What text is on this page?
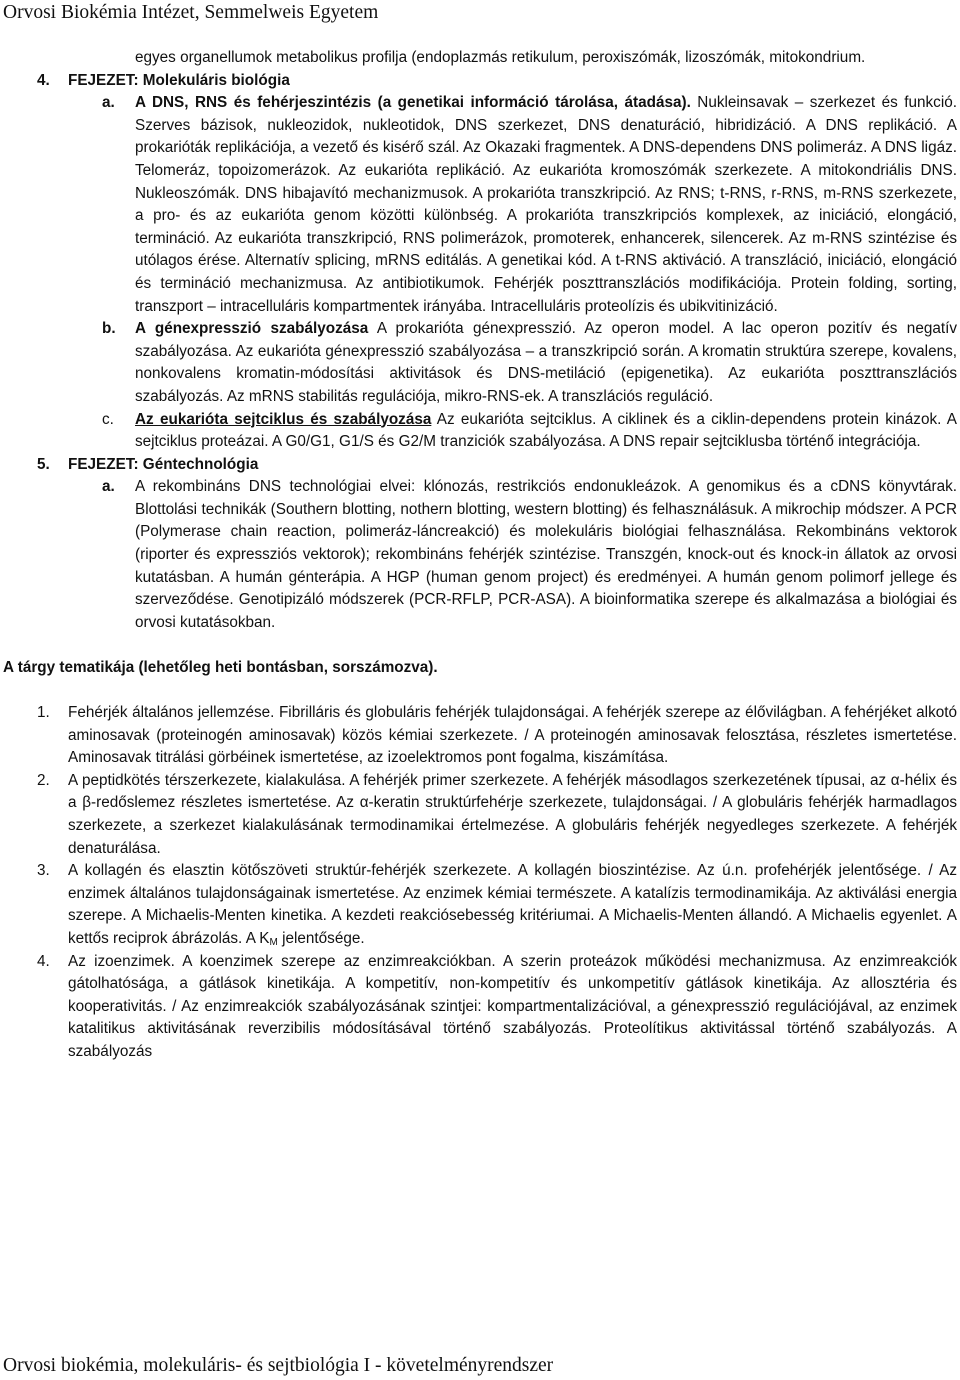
Orvosi Biokémia Intézet, Semmelweis Egyetem
egyes organellumok metabolikus profilja (endoplazmás retikulum, peroxiszómák, lizoszómák, mitokondrium.
4.	FEJEZET: Molekuláris biológia
a.	A DNS, RNS és fehérjeszintézis (a genetikai információ tárolása, átadása). Nukleinsavak – szerkezet és funkció. Szerves bázisok, nukleozidok, nukleotidok, DNS szerkezet, DNS denaturáció, hibridizáció. A DNS replikáció. A prokarióták replikációja, a vezető és kisérő szál. Az Okazaki fragmentek. A DNS-dependens DNS polimeráz. A DNS ligáz. Telomeráz, topoizomerázok. Az eukarióta replikáció. Az eukarióta kromoszómák szerkezete. A mitokondriális DNS. Nukleoszómák. DNS hibajavító mechanizmusok. A prokarióta transzkripció. Az RNS; t-RNS, r-RNS, m-RNS szerkezete, a pro- és az eukarióta genom közötti különbség. A prokarióta transzkripciós komplexek, az iniciáció, elongáció, termináció. Az eukarióta transzkripció, RNS polimerázok, promoterek, enhancerek, silencerek. Az m-RNS szintézise és utólagos érése. Alternatív splicing, mRNS editálás. A genetikai kód. A t-RNS aktiváció. A transzláció, iniciáció, elongáció és termináció mechanizmusa. Az antibiotikumok. Fehérjék poszttranszlációs modifikációja. Protein folding, sorting, transzport – intracelluláris kompartmentek irányába. Intracelluláris proteolízis és ubikvitinizáció.
b.	A génexpresszió szabályozása A prokarióta génexpresszió. Az operon model. A lac operon pozitív és negatív szabályozása. Az eukarióta génexpresszió szabályozása – a transzkripció során. A kromatin struktúra szerepe, kovalens, nonkovalens kromatin-módosítási aktivitások és DNS-metiláció (epigenetika). Az eukarióta poszttranszlációs szabályozás. Az mRNS stabilitás regulációja, mikro-RNS-ek. A transzlációs reguláció.
c.	Az eukarióta sejtciklus és szabályozása Az eukarióta sejtciklus. A ciklinek és a ciklin-dependens protein kinázok. A sejtciklus proteázai. A G0/G1, G1/S és G2/M tranziciók szabályozása. A DNS repair sejtciklusba történő integrációja.
5.	FEJEZET: Géntechnológia
a.	A rekombináns DNS technológiai elvei: klónozás, restrikciós endonukleázok. A genomikus és a cDNS könyvtárak. Blottolási technikák (Southern blotting, nothern blotting, western blotting) és felhasználásuk. A mikrochip módszer. A PCR (Polymerase chain reaction, polimeráz-láncreakció) és molekuláris biológiai felhasználása. Rekombináns vektorok (riporter és expressziós vektorok); rekombináns fehérjék szintézise. Transzgén, knock-out és knock-in állatok az orvosi kutatásban. A humán génterápia. A HGP (human genom project) és eredményei. A humán genom polimorf jellege és szerveződése. Genotipizáló módszerek (PCR-RFLP, PCR-ASA). A bioinformatika szerepe és alkalmazása a biológiai és orvosi kutatásokban.
A tárgy tematikája (lehetőleg heti bontásban, sorszámozva).
1.	Fehérjék általános jellemzése. Fibrilláris és globuláris fehérjék tulajdonságai. A fehérjék szerepe az élővilágban. A fehérjéket alkotó aminosavak (proteinogén aminosavak) közös kémiai szerkezete. / A proteinogén aminosavak felosztása, részletes ismertetése. Aminosavak titrálási görbéinek ismertetése, az izoelektromos pont fogalma, kiszámítása.
2.	A peptidkötés térszerkezete, kialakulása. A fehérjék primer szerkezete. A fehérjék másodlagos szerkezetének típusai, az α-hélix és a β-redőslemez részletes ismertetése. Az α-keratin struktúrfehérje szerkezete, tulajdonságai. / A globuláris fehérjék harmadlagos szerkezete, a szerkezet kialakulásának termodinamikai értelmezése. A globuláris fehérjék negyedleges szerkezete. A fehérjék denaturálása.
3.	A kollagén és elasztin kötőszöveti struktúr-fehérjék szerkezete. A kollagén bioszintézise. Az ú.n. profehérjék jelentősége. / Az enzimek általános tulajdonságainak ismertetése. Az enzimek kémiai természete. A katalízis termodinamikája. Az aktiválási energia szerepe. A Michaelis-Menten kinetika. A kezdeti reakciósebesség kritériumai. A Michaelis-Menten állandó. A Michaelis egyenlet. A kettős reciprok ábrázolás. A $K_M$ jelentősége.
4.	Az izoenzimek. A koenzimek szerepe az enzimreakciókban. A szerin proteázok működési mechanizmusa. Az enzimreakciók gátolhatósága, a gátlások kinetikája. A kompetitív, non-kompetitív és unkompetitív gátlások kinetikája. Az allosztéria és kooperativitás. / Az enzimreakciók szabályozásának szintjei: kompartmentalizációval, a génexpresszió regulációjával, az enzimek katalitikus aktivitásának reverzibilis módosításával történő szabályozás. Proteolítikus aktivitással történő szabályozás. A szabályozás
Orvosi biokémia, molekuláris- és sejtbiológia I - követelményrendszer
